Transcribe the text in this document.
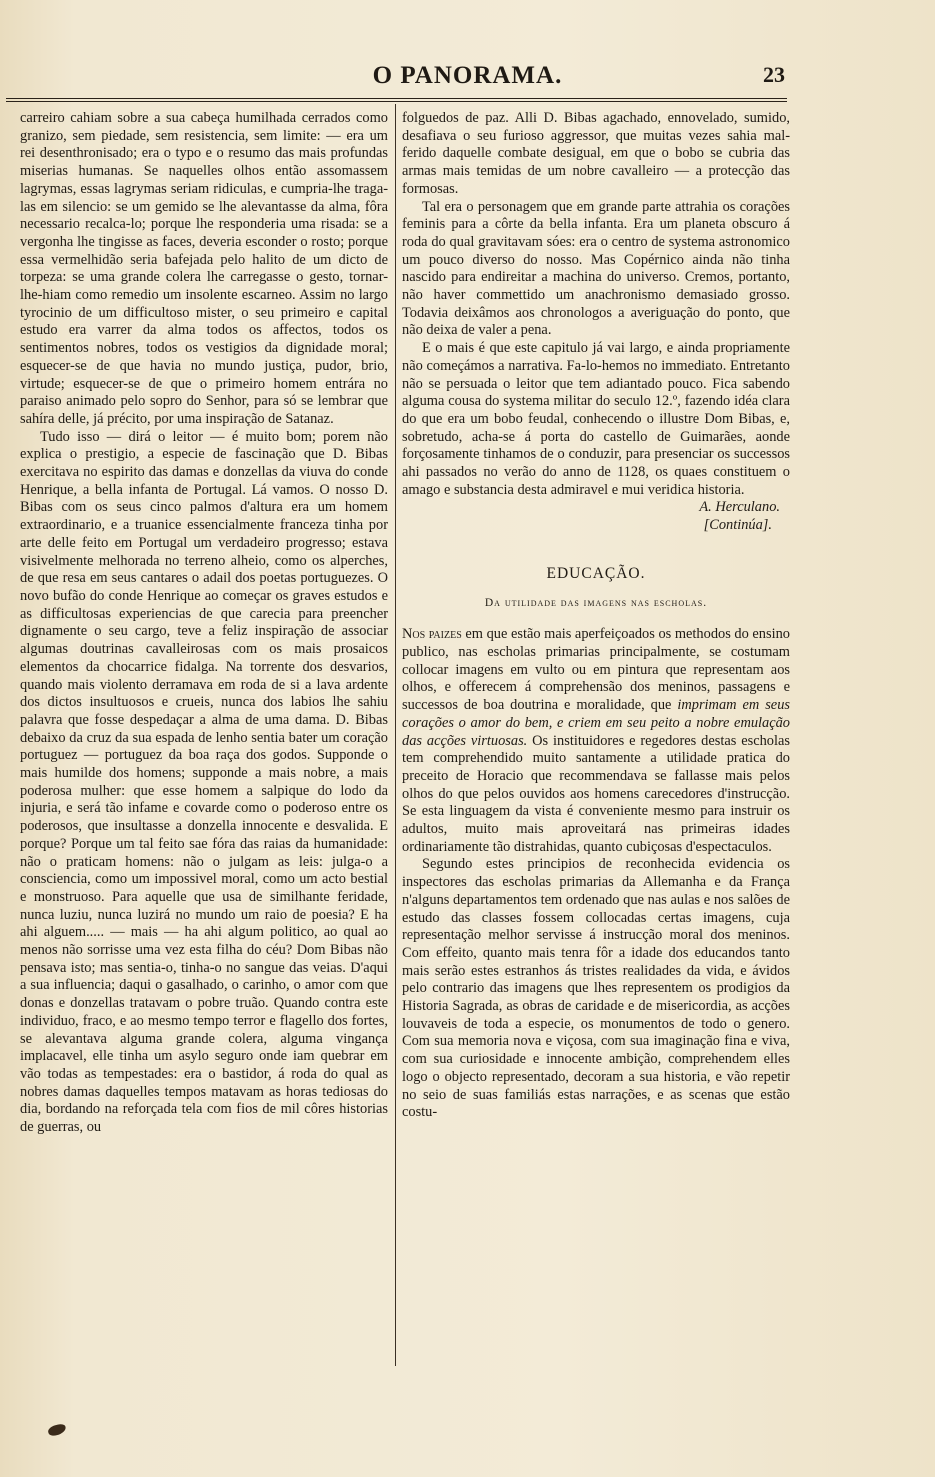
O PANORAMA.	23

carreiro cahiam sobre a sua cabeça humilhada cerrados como granizo, sem piedade, sem resistencia, sem limite: — era um rei desenthronisado; era o typo e o resumo das mais profundas miserias humanas. Se naquelles olhos então assomassem lagrymas, essas lagrymas seriam ridiculas, e cumpria-lhe traga-las em silencio: se um gemido se lhe alevantasse da alma, fôra necessario recalca-lo; porque lhe responderia uma risada: se a vergonha lhe tingisse as faces, deveria esconder o rosto; porque essa vermelhidão seria bafejada pelo halito de um dicto de torpeza: se uma grande colera lhe carregasse o gesto, tornar-lhe-hiam como remedio um insolente escarneo. Assim no largo tyrocinio de um difficultoso mister, o seu primeiro e capital estudo era varrer da alma todos os affectos, todos os sentimentos nobres, todos os vestigios da dignidade moral; esquecer-se de que havia no mundo justiça, pudor, brio, virtude; esquecer-se de que o primeiro homem entrára no paraiso animado pelo sopro do Senhor, para só se lembrar que sahíra delle, já précito, por uma inspiração de Satanaz.

Tudo isso — dirá o leitor — é muito bom; porem não explica o prestigio, a especie de fascinação que D. Bibas exercitava no espirito das damas e donzellas da viuva do conde Henrique, a bella infanta de Portugal. Lá vamos. O nosso D. Bibas com os seus cinco palmos d'altura era um homem extraordinario, e a truanice essencialmente franceza tinha por arte delle feito em Portugal um verdadeiro progresso; estava visivelmente melhorada no terreno alheio, como os alperches, de que resa em seus cantares o adail dos poetas portuguezes. O novo bufão do conde Henrique ao começar os graves estudos e as difficultosas experiencias de que carecia para preencher dignamente o seu cargo, teve a feliz inspiração de associar algumas doutrinas cavalleirosas com os mais prosaicos elementos da chocarrice fidalga. Na torrente dos desvarios, quando mais violento derramava em roda de si a lava ardente dos dictos insultuosos e crueis, nunca dos labios lhe sahiu palavra que fosse despedaçar a alma de uma dama. D. Bibas debaixo da cruz da sua espada de lenho sentia bater um coração portuguez — portuguez da boa raça dos godos. Supponde o mais humilde dos homens; supponde a mais nobre, a mais poderosa mulher: que esse homem a salpique do lodo da injuria, e será tão infame e covarde como o poderoso entre os poderosos, que insultasse a donzella innocente e desvalida. E porque? Porque um tal feito sae fóra das raias da humanidade: não o praticam homens: não o julgam as leis: julga-o a consciencia, como um impossivel moral, como um acto bestial e monstruoso. Para aquelle que usa de similhante feridade, nunca luziu, nunca luzirá no mundo um raio de poesia? E ha ahi alguem..... — mais — ha ahi algum politico, ao qual ao menos não sorrisse uma vez esta filha do céu? Dom Bibas não pensava isto; mas sentia-o, tinha-o no sangue das veias. D'aqui a sua influencia; daqui o gasalhado, o carinho, o amor com que donas e donzellas tratavam o pobre truão. Quando contra este individuo, fraco, e ao mesmo tempo terror e flagello dos fortes, se alevantava alguma grande colera, alguma vingança implacavel, elle tinha um asylo seguro onde iam quebrar em vão todas as tempestades: era o bastidor, á roda do qual as nobres damas daquelles tempos matavam as horas tediosas do dia, bordando na reforçada tela com fios de mil côres historias de guerras, ou

folguedos de paz. Alli D. Bibas agachado, ennovelado, sumido, desafiava o seu furioso aggressor, que muitas vezes sahia mal-ferido daquelle combate desigual, em que o bobo se cubria das armas mais temidas de um nobre cavalleiro — a protecção das formosas.

Tal era o personagem que em grande parte attrahia os corações feminis para a côrte da bella infanta. Era um planeta obscuro á roda do qual gravitavam sóes: era o centro de systema astronomico um pouco diverso do nosso. Mas Copérnico ainda não tinha nascido para endireitar a machina do universo. Cremos, portanto, não haver commettido um anachronismo demasiado grosso. Todavia deixâmos aos chronologos a averiguação do ponto, que não deixa de valer a pena.

E o mais é que este capitulo já vai largo, e ainda propriamente não começámos a narrativa. Fa-lo-hemos no immediato. Entretanto não se persuada o leitor que tem adiantado pouco. Fica sabendo alguma cousa do systema militar do seculo 12.º, fazendo idéa clara do que era um bobo feudal, conhecendo o illustre Dom Bibas, e, sobretudo, acha-se á porta do castello de Guimarães, aonde forçosamente tinhamos de o conduzir, para presenciar os successos ahi passados no verão do anno de 1128, os quaes constituem o amago e substancia desta admiravel e mui veridica historia.

A. Herculano.

[Continúa].

EDUCAÇÃO.
Da utilidade das imagens nas escholas.

Nos paizes em que estão mais aperfeiçoados os methodos do ensino publico, nas escholas primarias principalmente, se costumam collocar imagens em vulto ou em pintura que representam aos olhos, e offerecem á comprehensão dos meninos, passagens e successos de boa doutrina e moralidade, que imprimam em seus corações o amor do bem, e criem em seu peito a nobre emulação das acções virtuosas. Os instituidores e regedores destas escholas tem comprehendido muito santamente a utilidade pratica do preceito de Horacio que recommendava se fallasse mais pelos olhos do que pelos ouvidos aos homens carecedores d'instrucção. Se esta linguagem da vista é conveniente mesmo para instruir os adultos, muito mais aproveitará nas primeiras idades ordinariamente tão distrahidas, quanto cubiçosas d'espectaculos.

Segundo estes principios de reconhecida evidencia os inspectores das escholas primarias da Allemanha e da França n'alguns departamentos tem ordenado que nas aulas e nos salões de estudo das classes fossem collocadas certas imagens, cuja representação melhor servisse á instrucção moral dos meninos. Com effeito, quanto mais tenra fôr a idade dos educandos tanto mais serão estes estranhos ás tristes realidades da vida, e ávidos pelo contrario das imagens que lhes representem os prodigios da Historia Sagrada, as obras de caridade e de misericordia, as acções louvaveis de toda a especie, os monumentos de todo o genero. Com sua memoria nova e viçosa, com sua imaginação fina e viva, com sua curiosidade e innocente ambição, comprehendem elles logo o objecto representado, decoram a sua historia, e vão repetir no seio de suas familiás estas narrações, e as scenas que estão costu-
